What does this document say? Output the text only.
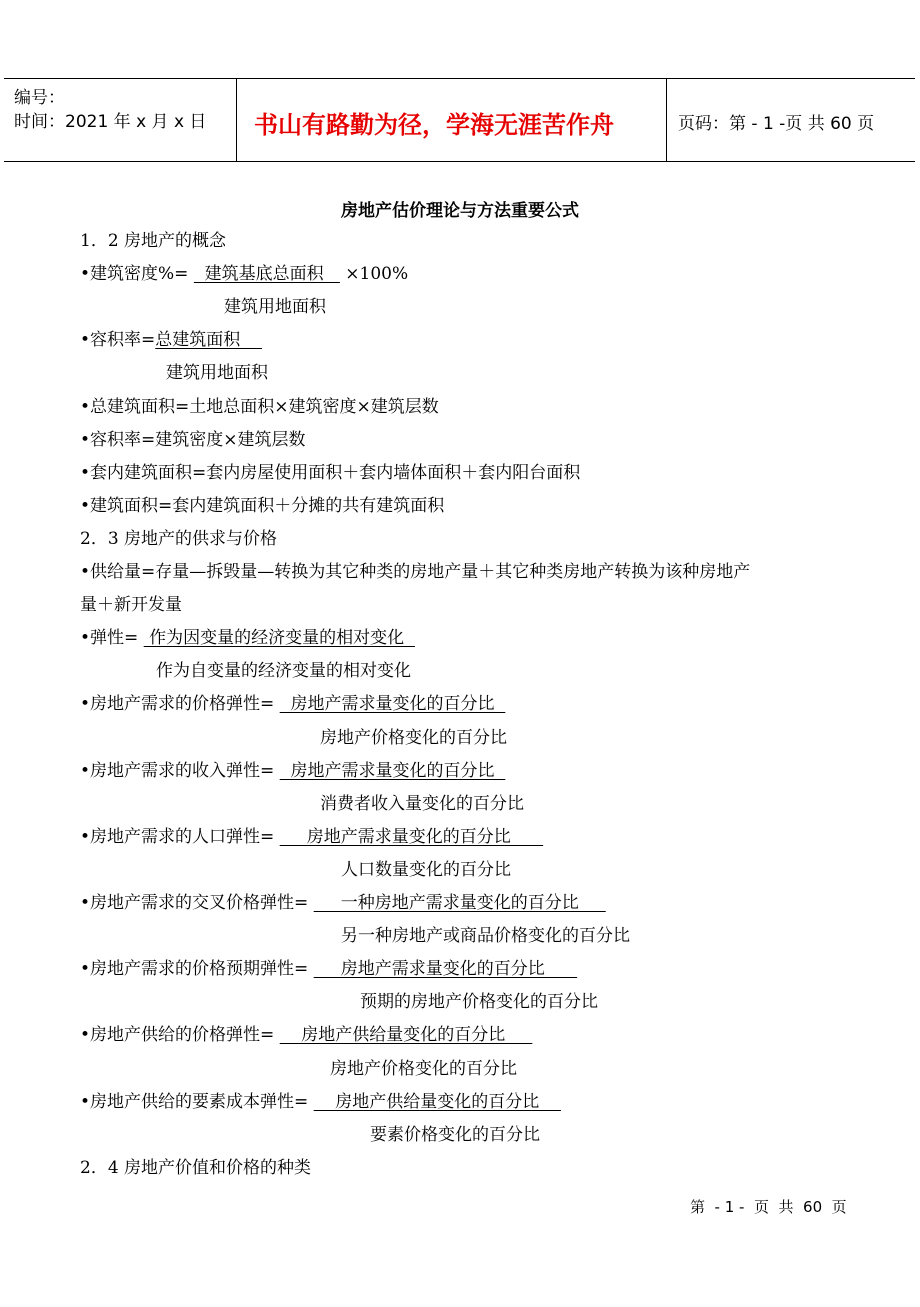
编号：
时间：2021 年 x 月 x 日 书山有路勤为径，学海无涯苦作舟	页码：第 - 1 -页 共 60 页
房地产估价理论与方法重要公式
1．2 房地产的概念
•建筑密度%=   建筑基底总面积    ×100%
建筑用地面积
•容积率=总建筑面积
建筑用地面积
•总建筑面积=土地总面积×建筑密度×建筑层数
•容积率=建筑密度×建筑层数
•套内建筑面积=套内房屋使用面积＋套内墙体面积＋套内阳台面积
•建筑面积=套内建筑面积＋分摊的共有建筑面积
2．3 房地产的供求与价格
•供给量=存量—拆毁量—转换为其它种类的房地产量＋其它种类房地产转换为该种房地产
量＋新开发量
•弹性=  作为因变量的经济变量的相对变化
作为自变量的经济变量的相对变化
•房地产需求的价格弹性=   房地产需求量变化的百分比
房地产价格变化的百分比
•房地产需求的收入弹性=   房地产需求量变化的百分比
消费者收入量变化的百分比
•房地产需求的人口弹性=      房地产需求量变化的百分比
人口数量变化的百分比
•房地产需求的交叉价格弹性=      一种房地产需求量变化的百分比
另一种房地产或商品价格变化的百分比
•房地产需求的价格预期弹性=      房地产需求量变化的百分比
预期的房地产价格变化的百分比
•房地产供给的价格弹性=     房地产供给量变化的百分比
房地产价格变化的百分比
•房地产供给的要素成本弹性=     房地产供给量变化的百分比
要素价格变化的百分比
2．4 房地产价值和价格的种类
第  - 1 -  页  共  60  页
